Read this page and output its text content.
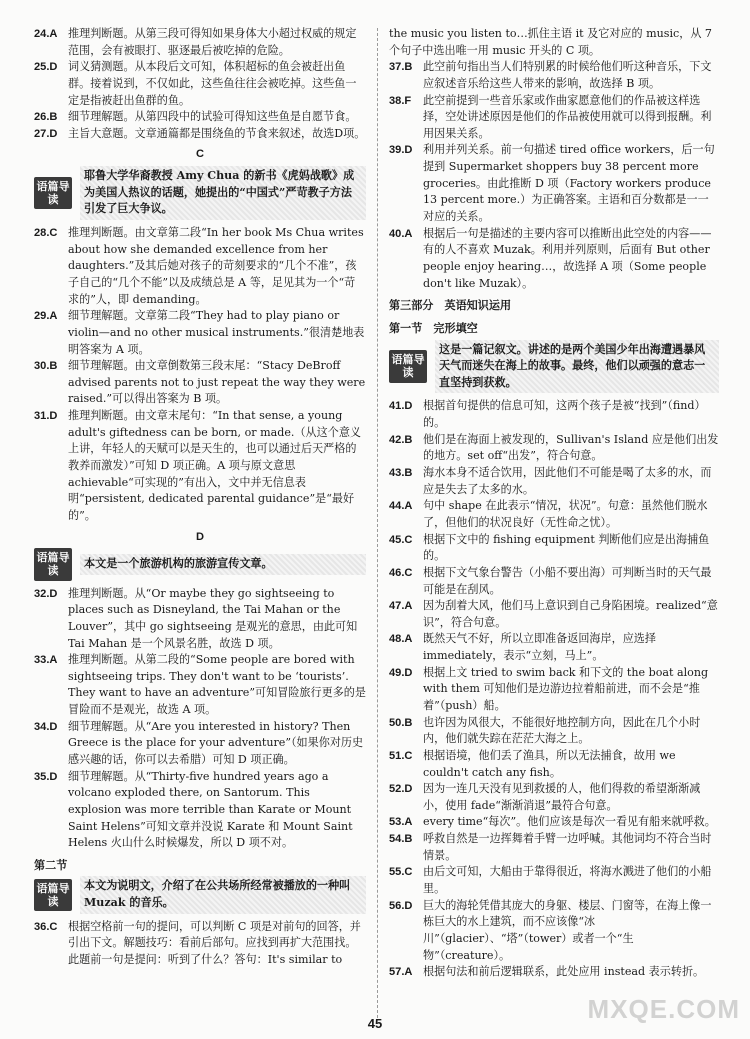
24.A 推理判断题。从第三段可得知如果身体大小超过权威的规定范围，会有被眼打、驱逐最后被吃掉的危险。
25.D 词义猜测题。从本段后文可知，体积超标的鱼会被赶出鱼群。接着说到，不仅如此，这些鱼往往会被吃掉。这些鱼一定是指被赶出鱼群的鱼。
26.B 细节理解题。从第四段中的试验可得知这些鱼是自愿节食。
27.D 主旨大意题。文章通篇都是围绕鱼的节食来叙述，故选D项。
C
语篇导读
耶鲁大学华裔教授 Amy Chua 的新书《虎妈战歌》成为美国人热议的话题，她提出的“中国式”严苛教子方法引发了巨大争议。
28.C 推理判断题。由文章第二段“In her book Ms Chua writes about how she demanded excellence from her daughters.”及其后她对孩子的苛刻要求的“几个不准”，孩子自己的“几个不能”以及成绩总是 A 等，足见其为一个“苛求的”人，即 demanding。
29.A 细节理解题。文章第二段“They had to play piano or violin—and no other musical instruments.”很清楚地表明答案为 A 项。
30.B 细节理解题。由文章倒数第三段末尾：“Stacy DeBroff advised parents not to just repeat the way they were raised.”可以得出答案为 B 项。
31.D 推理判断题。由文章末尾句：“In that sense, a young adult's giftedness can be born, or made.（从这个意义上讲，年轻人的天赋可以是天生的，也可以通过后天严格的教养而激发）”可知 D 项正确。A 项与原文意思 achievable“可实现的”有出入，文中并无信息表明“persistent, dedicated parental guidance”是“最好的”。
D
语篇导读
本文是一个旅游机构的旅游宣传文章。
32.D 推理判断题。从“Or maybe they go sightseeing to places such as Disneyland, the Tai Mahan or the Louver”，其中 go sightseeing 是观光的意思，由此可知 Tai Mahan 是一个风景名胜，故选 D 项。
33.A 推理判断题。从第二段的“Some people are bored with sightseeing trips. They don't want to be ‘tourists’. They want to have an adventure”可知冒险旅行更多的是冒险而不是观光，故选 A 项。
34.D 细节理解题。从“Are you interested in history? Then Greece is the place for your adventure”（如果你对历史感兴趣的话，你可以去希腊）可知 D 项正确。
35.D 细节理解题。从“Thirty-five hundred years ago a volcano exploded there, on Santorum. This explosion was more terrible than Karate or Mount Saint Helens”可知文章并没说 Karate 和 Mount Saint Helens 火山什么时候爆发，所以 D 项不对。
第二节
语篇导读
本文为说明文，介绍了在公共场所经常被播放的一种叫 Muzak 的音乐。
36.C 根据空格前一句的提问，可以判断 C 项是对前句的回答，并引出下文。解题技巧：看前后部句。应找到再扩大范围找。此题前一句是提问：听到了什么？答句：It's similar to
the music you listen to…抓住主语 it 及它对应的 music，从 7 个句子中选出唯一用 music 开头的 C 项。
37.B 此空前句指出当人们特别累的时候给他们听这种音乐，下文应叙述音乐给这些人带来的影响，故选择 B 项。
38.F	此空前提到一些音乐家或作曲家愿意他们的作品被这样选择，空处讲述原因是他们的作品被使用就可以得到报酬。利用因果关系。
39.D 利用并列关系。前一句描述 tired office workers，后一句提到 Supermarket shoppers buy 38 percent more groceries。由此推断 D 项（Factory workers produce 13 percent more.）为正确答案。主语和百分数都是一一对应的关系。
40.A 根据后一句是描述的主要内容可以推断出此空处的内容——有的人不喜欢 Muzak。利用并列原则，后面有 But other people enjoy hearing…，故选择 A 项（Some people don't like Muzak）。
第三部分　英语知识运用
第一节　完形填空
语篇导读
这是一篇记叙文。讲述的是两个美国少年出海遭遇暴风天气而迷失在海上的故事。最终，他们以顽强的意志一直坚持到获救。
41.D 根据首句提供的信息可知，这两个孩子是被“找到”（find）的。
42.B 他们是在海面上被发现的，Sullivan's Island 应是他们出发的地方。set off“出发”，符合句意。
43.B 海水本身不适合饮用，因此他们不可能是喝了太多的水，而应是失去了太多的水。
44.A 句中 shape 在此表示“情况，状况”。句意：虽然他们脱水了，但他们的状况良好（无性命之忧）。
45.C 根据下文中的 fishing equipment 判断他们应是出海捕鱼的。
46.C 根据下文气象台警告（小船不要出海）可判断当时的天气最可能是在刮风。
47.A 因为刮着大风，他们马上意识到自己身陷困境。realized“意识”，符合句意。
48.A 既然天气不好，所以立即准备返回海岸，应选择 immediately，表示“立刻，马上”。
49.D 根据上文 tried to swim back 和下文的 the boat along with them 可知他们是边游边拉着船前进，而不会是“推着”（push）船。
50.B 也许因为风很大，不能很好地控制方向，因此在几个小时内，他们就失踪在茫茫大海之上。
51.C 根据语境，他们丢了渔具，所以无法捕食，故用 we couldn't catch any fish。
52.D 因为一连几天没有见到救援的人，他们得救的希望渐渐减小，使用 fade“渐渐消退”最符合句意。
53.A every time“每次”。他们应该是每次一看见有船来就呼救。
54.B 呼救自然是一边挥舞着手臂一边呼喊。其他词均不符合当时情景。
55.C 由后文可知，大船由于靠得很近，将海水溅进了他们的小船里。
56.D 巨大的海轮凭借其庞大的身躯、楼层、门窗等，在海上像一栋巨大的水上建筑，而不应该像“冰川”（glacier）、“塔”（tower）或者一个“生物”（creature）。
57.A 根据句法和前后逻辑联系，此处应用 instead 表示转折。
45	MXQE.COM
